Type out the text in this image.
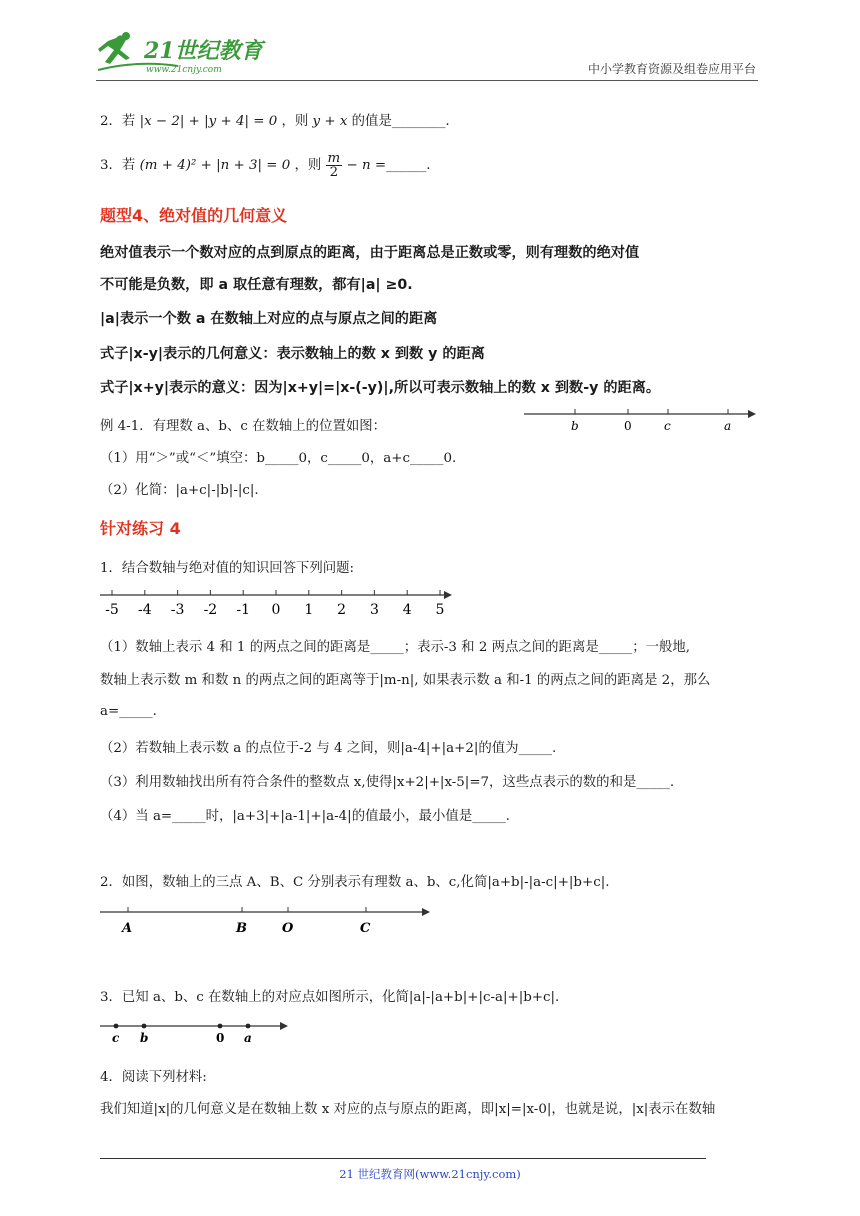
21世纪教育
www.21cnjy.com	中小学教育资源及组卷应用平台
2．若 |x − 2| + |y + 4| = 0 ，则 y + x 的值是________.
3．若 (m + 4)² + |n + 3| = 0 ，则 $\frac{m}{2} - n$ =______.
题型4、绝对值的几何意义
绝对值表示一个数对应的点到原点的距离，由于距离总是正数或零，则有理数的绝对值
不可能是负数，即 a 取任意有理数，都有|a| ≥0.
|a|表示一个数 a 在数轴上对应的点与原点之间的距离
式子|x-y|表示的几何意义：表示数轴上的数 x 到数 y 的距离
式子|x+y|表示的意义：因为|x+y|=|x-(-y)|,所以可表示数轴上的数 x 到数-y 的距离。
例 4-1．有理数 a、b、c 在数轴上的位置如图：	b	0	c	a
（1）用“＞”或“＜”填空：b_____0，c_____0，a+c_____0.
（2）化简：|a+c|-|b|-|c|.
针对练习 4
1．结合数轴与绝对值的知识回答下列问题:
-5 -4 -3 -2 -1 0 1 2 3 4 5
（1）数轴上表示 4 和 1 的两点之间的距离是_____；表示-3 和 2 两点之间的距离是_____；一般地,
数轴上表示数 m 和数 n 的两点之间的距离等于|m-n|, 如果表示数 a 和-1 的两点之间的距离是 2，那么
a=_____.
（2）若数轴上表示数 a 的点位于-2 与 4 之间，则|a-4|+|a+2|的值为_____.
（3）利用数轴找出所有符合条件的整数点 x,使得|x+2|+|x-5|=7，这些点表示的数的和是_____.
（4）当 a=_____时，|a+3|+|a-1|+|a-4|的值最小，最小值是_____.
2．如图，数轴上的三点 A、B、C 分别表示有理数 a、b、c,化简|a+b|-|a-c|+|b+c|.
A	B	O	C
3．已知 a、b、c 在数轴上的对应点如图所示，化简|a|-|a+b|+|c-a|+|b+c|.
c b	0 a
4．阅读下列材料:
我们知道|x|的几何意义是在数轴上数 x 对应的点与原点的距离，即|x|=|x-0|，也就是说，|x|表示在数轴
21 世纪教育网(www.21cnjy.com)
